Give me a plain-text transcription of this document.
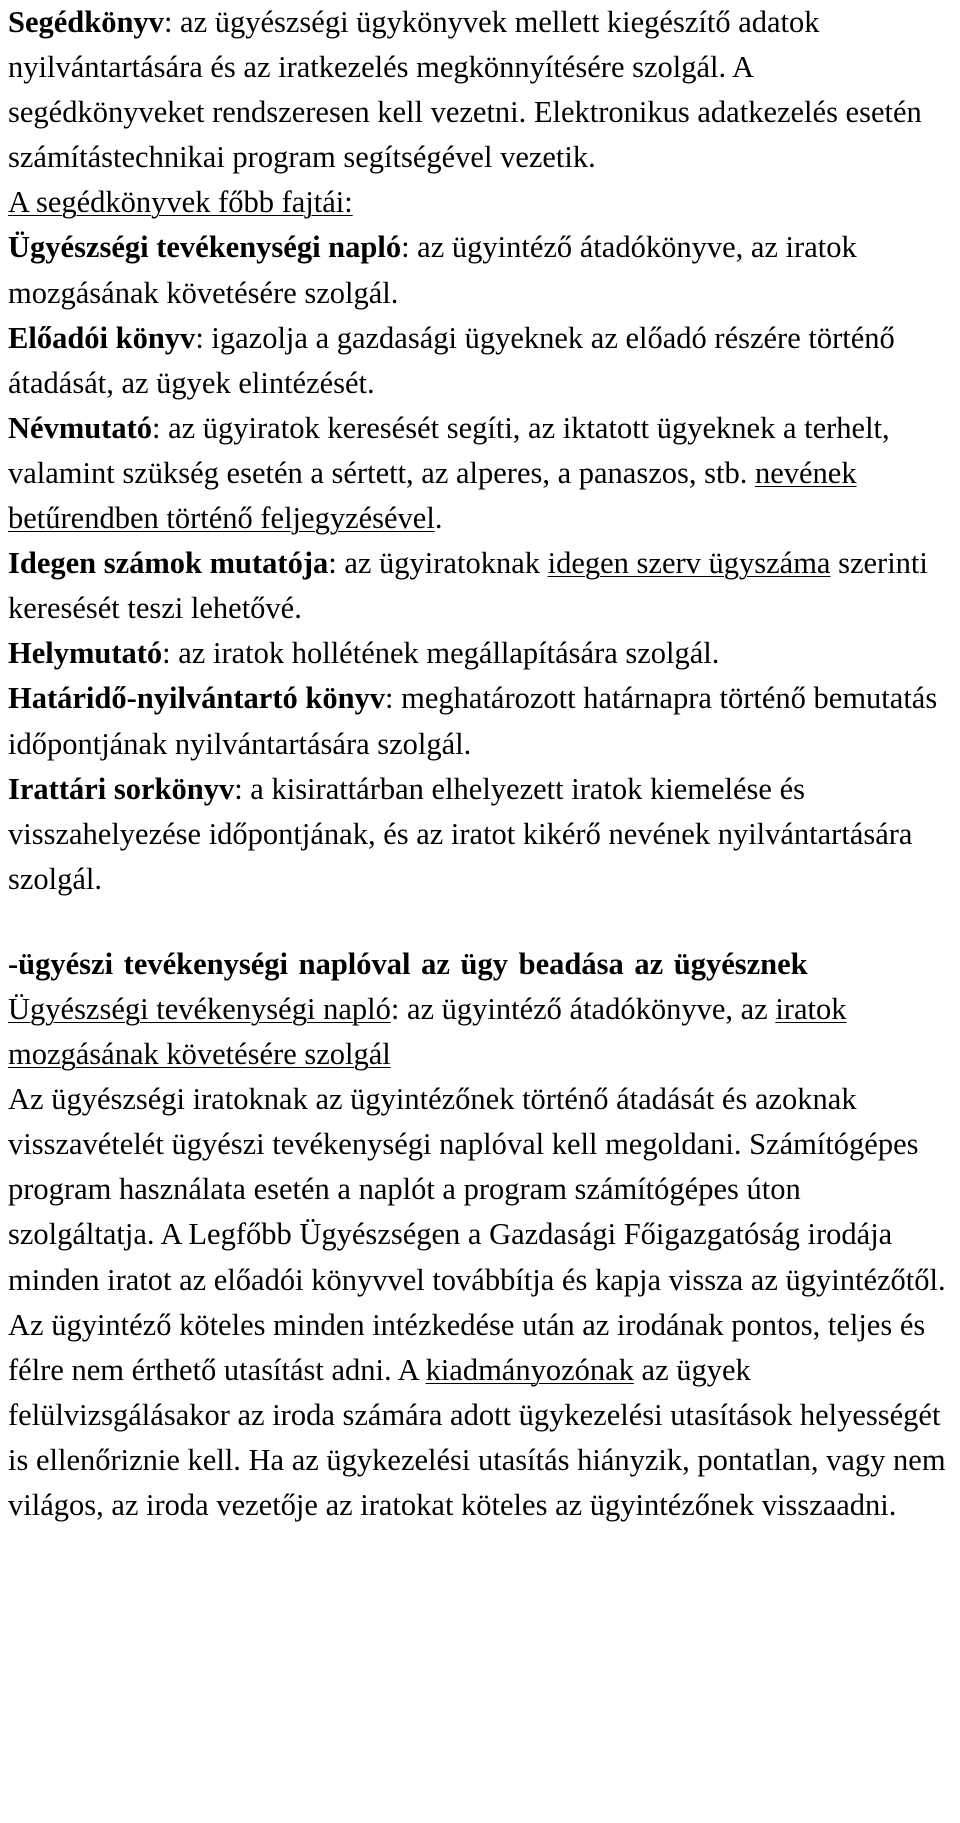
Segédkönyv: az ügyészségi ügykönyvek mellett kiegészítő adatok nyilvántartására és az iratkezelés megkönnyítésére szolgál. A segédkönyveket rendszeresen kell vezetni. Elektronikus adatkezelés esetén számítástechnikai program segítségével vezetik.

A segédkönyvek főbb fajtái:

Ügyészségi tevékenységi napló: az ügyintéző átadókönyve, az iratok mozgásának követésére szolgál.

Előadói könyv: igazolja a gazdasági ügyeknek az előadó részére történő átadását, az ügyek elintézését.

Névmutató: az ügyiratok keresését segíti, az iktatott ügyeknek a terhelt, valamint szükség esetén a sértett, az alperes, a panaszos, stb. nevének betűrendben történő feljegyzésével.

Idegen számok mutatója: az ügyiratoknak idegen szerv ügyszáma szerinti keresését teszi lehetővé.

Helymutató: az iratok hollétének megállapítására szolgál.

Határidő-nyilvántartó könyv: meghatározott határnapra történő bemutatás időpontjának nyilvántartására szolgál.

Irattári sorkönyv: a kisirattárban elhelyezett iratok kiemelése és visszahelyezése időpontjának, és az iratot kikérő nevének nyilvántartására szolgál.

-ügyészi tevékenységi naplóval az ügy beadása az ügyésznek

Ügyészségi tevékenységi napló: az ügyintéző átadókönyve, az iratok mozgásának követésére szolgál

Az ügyészségi iratoknak az ügyintézőnek történő átadását és azoknak visszavételét ügyészi tevékenységi naplóval kell megoldani. Számítógépes program használata esetén a naplót a program számítógépes úton szolgáltatja. A Legfőbb Ügyészségen a Gazdasági Főigazgatóság irodája minden iratot az előadói könyvvel továbbítja és kapja vissza az ügyintézőtől.

Az ügyintéző köteles minden intézkedése után az irodának pontos, teljes és félre nem érthető utasítást adni. A kiadmányozónak az ügyek felülvizsgálásakor az iroda számára adott ügykezelési utasítások helyességét is ellenőriznie kell. Ha az ügykezelési utasítás hiányzik, pontatlan, vagy nem világos, az iroda vezetője az iratokat köteles az ügyintézőnek visszaadni.
